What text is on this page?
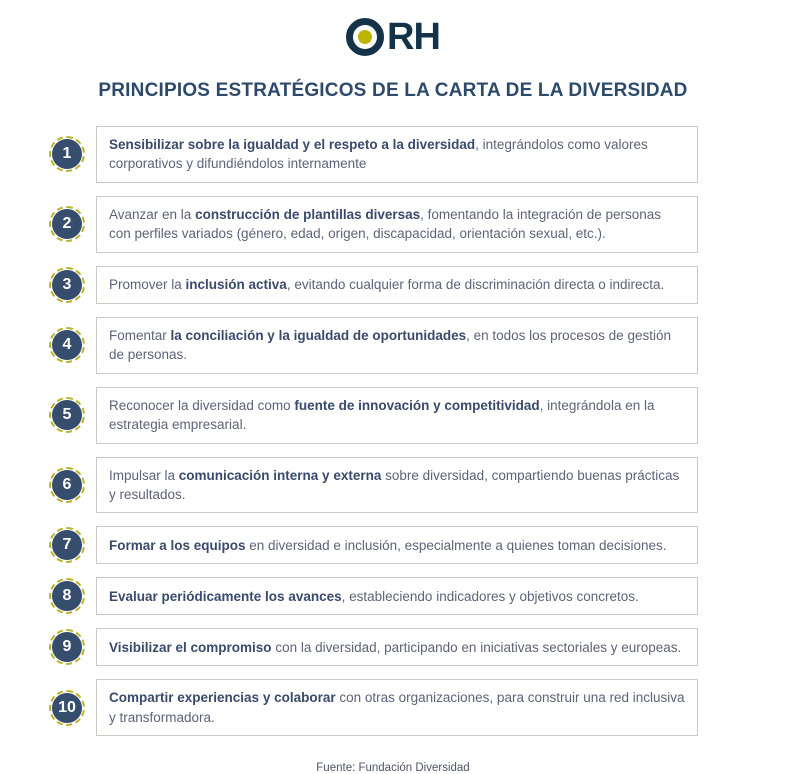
RH
PRINCIPIOS ESTRATÉGICOS DE LA CARTA DE LA DIVERSIDAD
1

Sensibilizar sobre la igualdad y el respeto a la diversidad, integrándolos como valores corporativos y difundiéndolos internamente

2

Avanzar en la construcción de plantillas diversas, fomentando la integración de personas con perfiles variados (género, edad, origen, discapacidad, orientación sexual, etc.).

3	Promover la inclusión activa, evitando cualquier forma de discriminación directa o indirecta.

4

Fomentar la conciliación y la igualdad de oportunidades, en todos los procesos de gestión de personas.

5

Reconocer la diversidad como fuente de innovación y competitividad, integrándola en la estrategia empresarial.

6

Impulsar la comunicación interna y externa sobre diversidad, compartiendo buenas prácticas y resultados.

7	Formar a los equipos en diversidad e inclusión, especialmente a quienes toman decisiones.

8	Evaluar periódicamente los avances, estableciendo indicadores y objetivos concretos.

9	Visibilizar el compromiso con la diversidad, participando en iniciativas sectoriales y europeas.

10

Compartir experiencias y colaborar con otras organizaciones, para construir una red inclusiva y transformadora.

Fuente: Fundación Diversidad
